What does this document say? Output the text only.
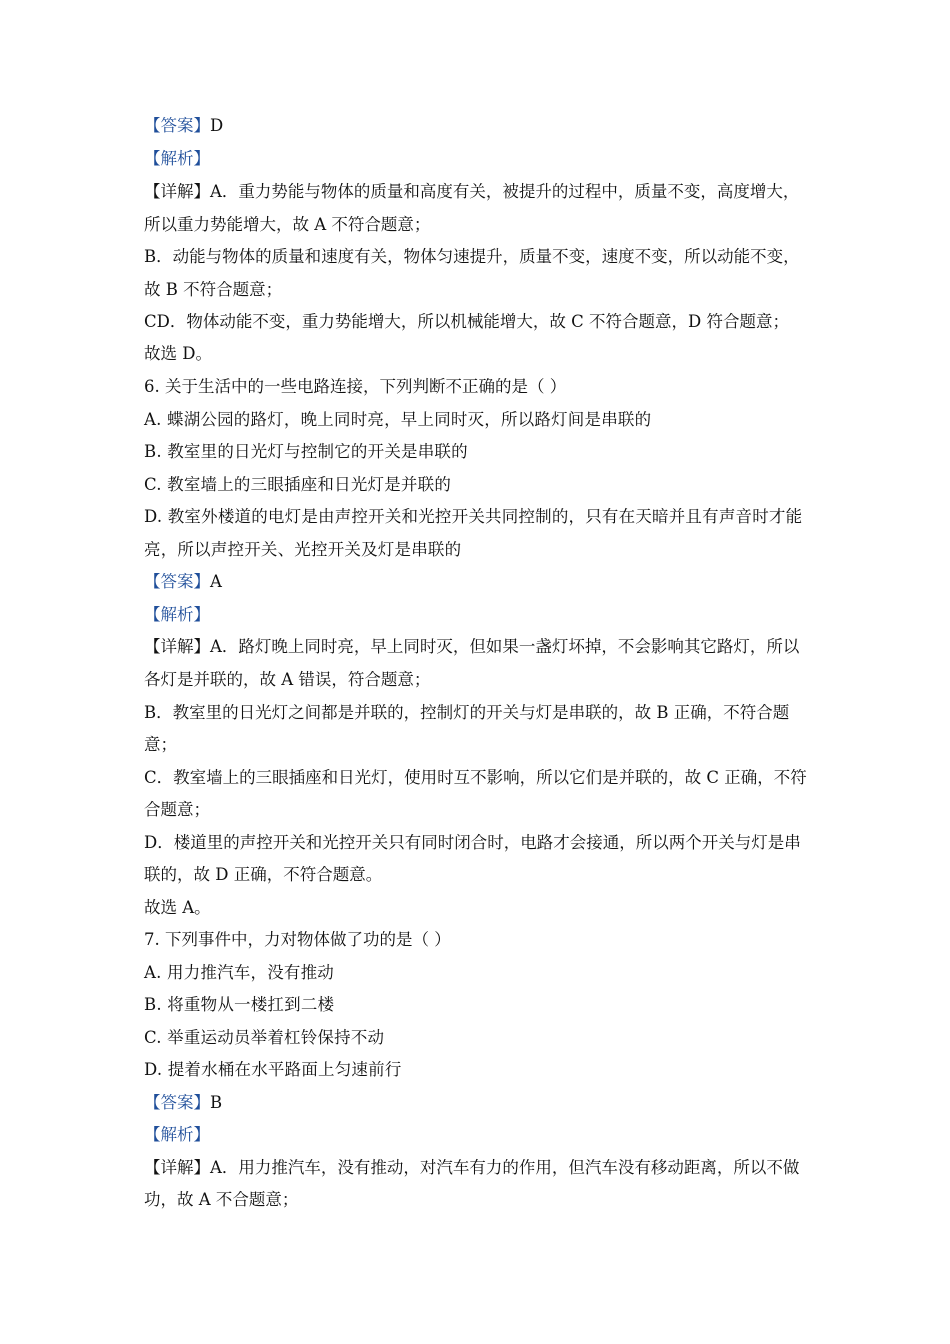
【答案】D
【解析】
【详解】A．重力势能与物体的质量和高度有关，被提升的过程中，质量不变，高度增大，
所以重力势能增大，故 A 不符合题意；
B．动能与物体的质量和速度有关，物体匀速提升，质量不变，速度不变，所以动能不变，
故 B 不符合题意；
CD．物体动能不变，重力势能增大，所以机械能增大，故 C 不符合题意，D 符合题意；
故选 D。
6. 关于生活中的一些电路连接，下列判断不正确的是（ ）
A. 蝶湖公园的路灯，晚上同时亮，早上同时灭，所以路灯间是串联的
B. 教室里的日光灯与控制它的开关是串联的
C. 教室墙上的三眼插座和日光灯是并联的
D. 教室外楼道的电灯是由声控开关和光控开关共同控制的，只有在天暗并且有声音时才能
亮，所以声控开关、光控开关及灯是串联的
【答案】A
【解析】
【详解】A．路灯晚上同时亮，早上同时灭，但如果一盏灯坏掉，不会影响其它路灯，所以
各灯是并联的，故 A 错误，符合题意；
B．教室里的日光灯之间都是并联的，控制灯的开关与灯是串联的，故 B 正确，不符合题
意；
C．教室墙上的三眼插座和日光灯，使用时互不影响，所以它们是并联的，故 C 正确，不符
合题意；
D．楼道里的声控开关和光控开关只有同时闭合时，电路才会接通，所以两个开关与灯是串
联的，故 D 正确，不符合题意。
故选 A。
7. 下列事件中，力对物体做了功的是（ ）
A. 用力推汽车，没有推动
B. 将重物从一楼扛到二楼
C. 举重运动员举着杠铃保持不动
D. 提着水桶在水平路面上匀速前行
【答案】B
【解析】
【详解】A．用力推汽车，没有推动，对汽车有力的作用，但汽车没有移动距离，所以不做
功，故 A 不合题意；
